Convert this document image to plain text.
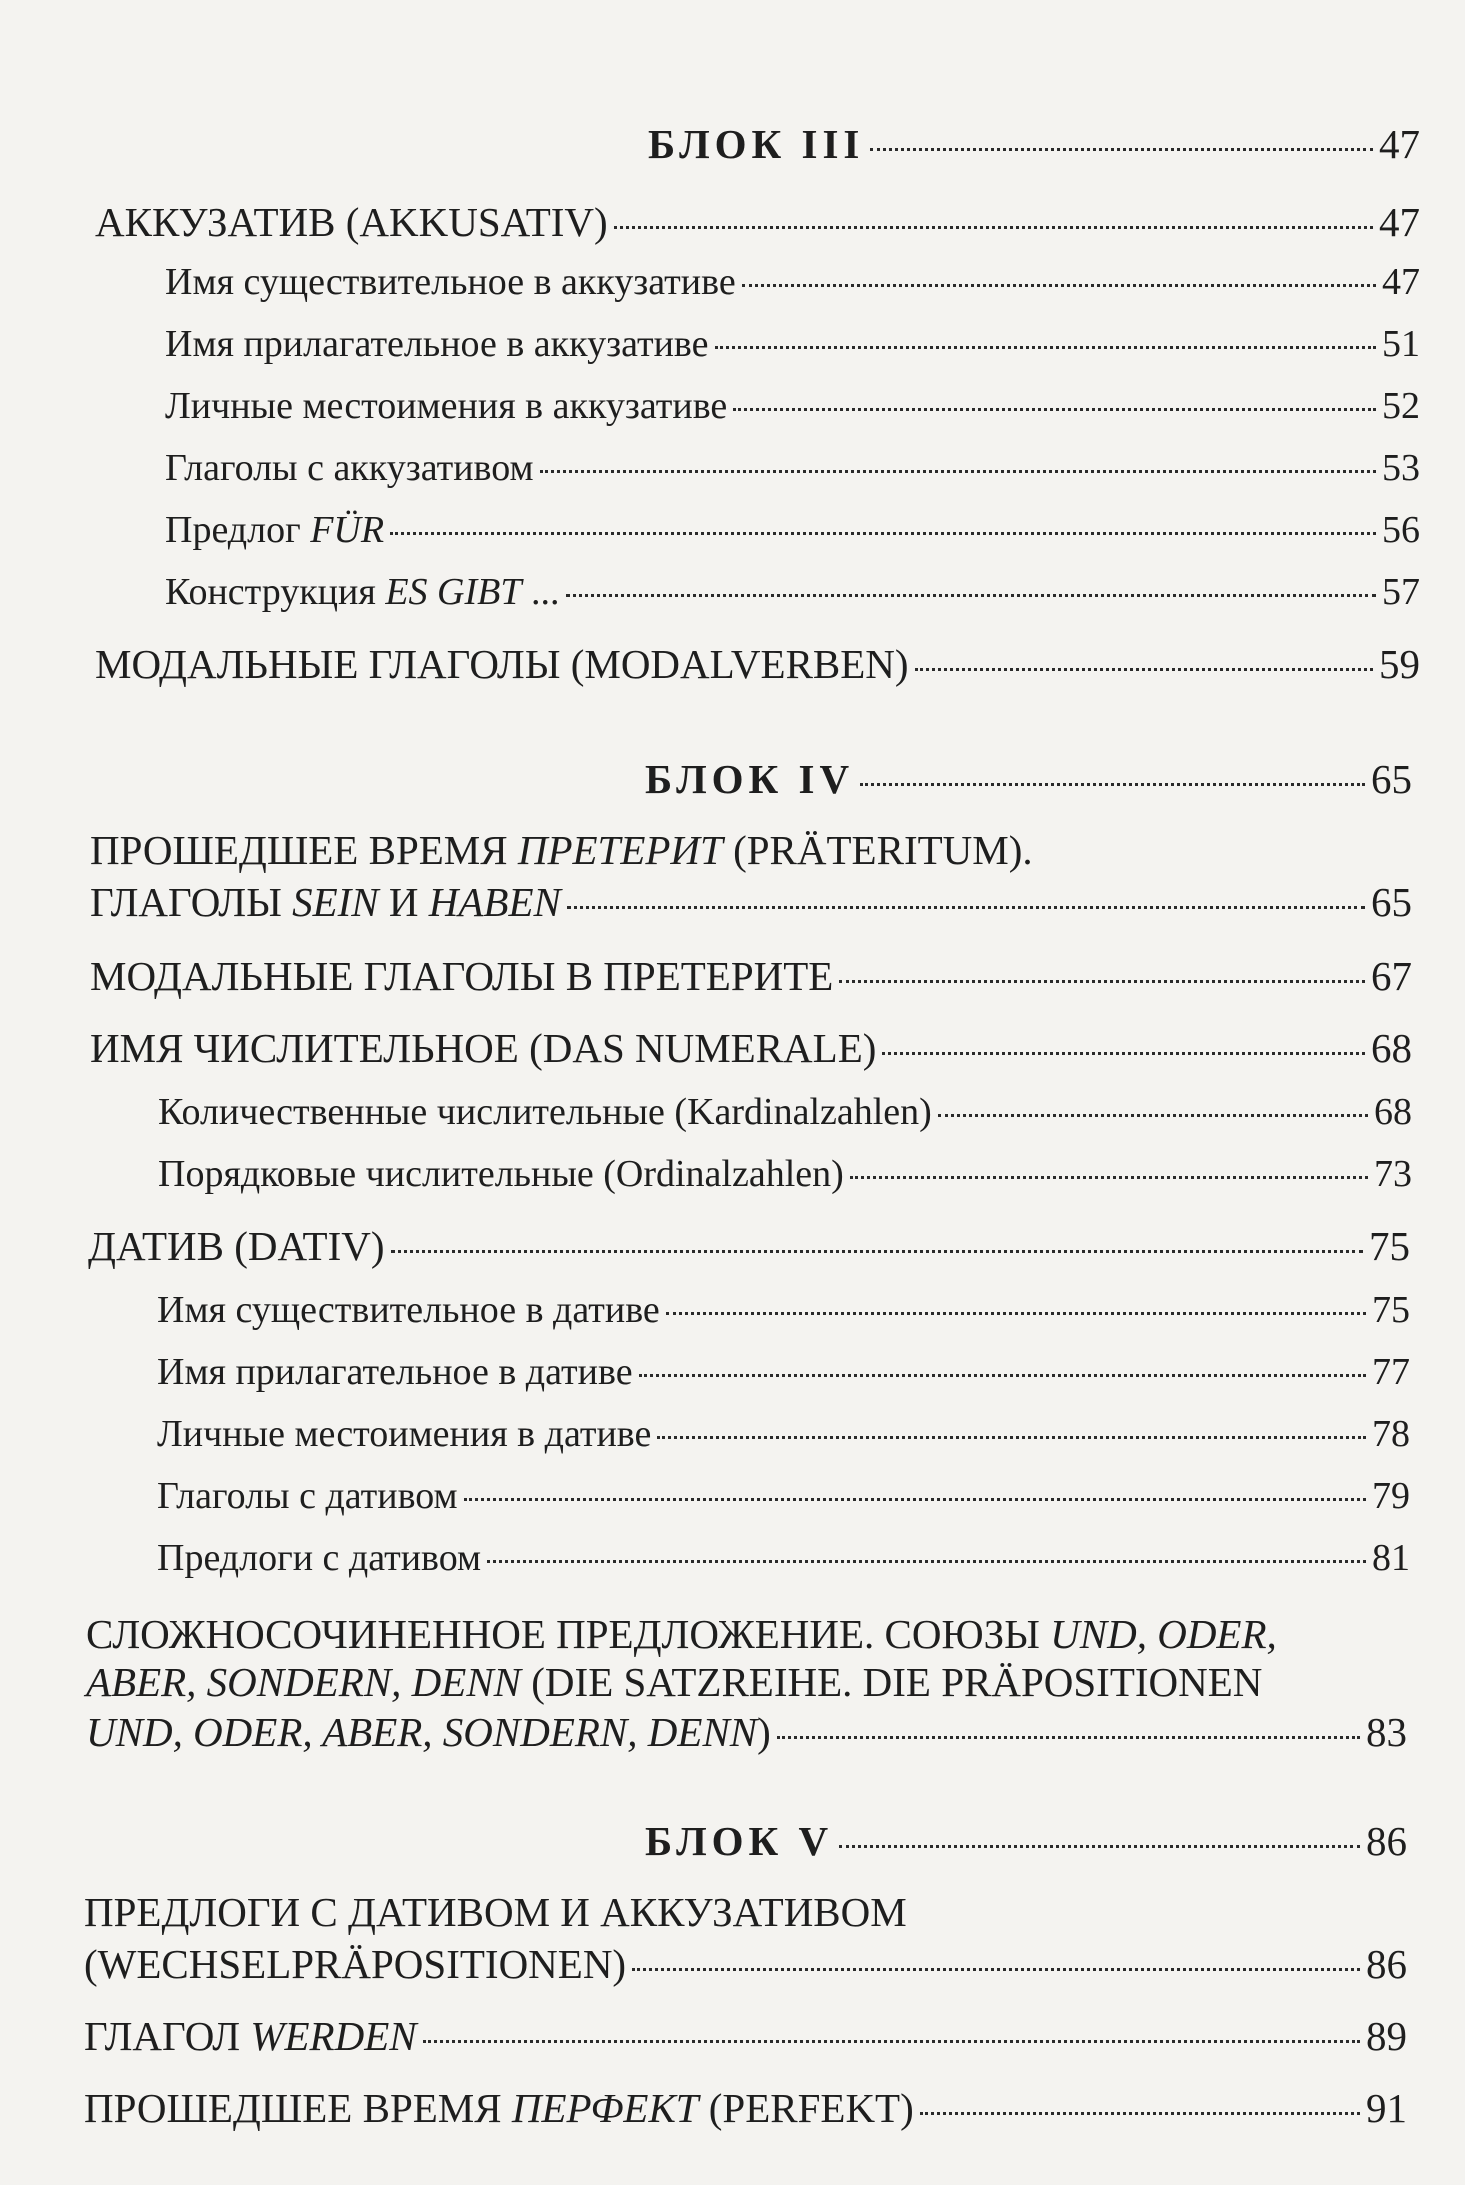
БЛОК III	47
АККУЗАТИВ (AKKUSATIV)	47
Имя существительное в аккузативе	47
Имя прилагательное в аккузативе	51
Личные местоимения в аккузативе	52
Глаголы с аккузативом	53
Предлог FÜR	56
Конструкция ES GIBT ...	57
МОДАЛЬНЫЕ ГЛАГОЛЫ (MODALVERBEN)	59
БЛОК IV	65
ПРОШЕДШЕЕ ВРЕМЯ ПРЕТЕРИТ (PRÄTERITUM).
ГЛАГОЛЫ SEIN И HABEN	65
МОДАЛЬНЫЕ ГЛАГОЛЫ В ПРЕТЕРИТЕ	67
ИМЯ ЧИСЛИТЕЛЬНОЕ (DAS NUMERALE)	68
Количественные числительные (Kardinalzahlen)	68
Порядковые числительные (Ordinalzahlen)	73
ДАТИВ (DATIV)	75
Имя существительное в дативе	75
Имя прилагательное в дативе	77
Личные местоимения в дативе	78
Глаголы с дативом	79
Предлоги с дативом	81
СЛОЖНОСОЧИНЕННОЕ ПРЕДЛОЖЕНИЕ. СОЮЗЫ UND, ODER,
ABER, SONDERN, DENN (DIE SATZREIHE. DIE PRÄPOSITIONEN
UND, ODER, ABER, SONDERN, DENN)	83
БЛОК V	86
ПРЕДЛОГИ С ДАТИВОМ И АККУЗАТИВОМ
(WECHSELPRÄPOSITIONEN)	86
ГЛАГОЛ WERDEN	89
ПРОШЕДШЕЕ ВРЕМЯ ПЕРФЕКТ (PERFEKT)	91
